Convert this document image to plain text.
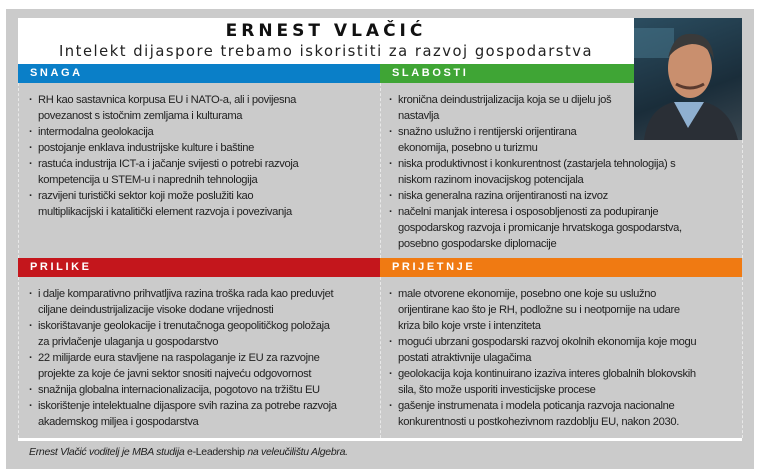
ERNEST VLAČIĆ
Intelekt dijaspore trebamo iskoristiti za razvoj gospodarstva
SNAGA	SLABOSTI
PRILIKE	PRIJETNJE
· RH kao sastavnica korpusa EU i NATO-a, ali i povijesna
povezanost s istočnim zemljama i kulturama
· intermodalna geolokacija
· postojanje enklava industrijske kulture i baštine
· rastuća industrija ICT-a i jačanje svijesti o potrebi razvoja
kompetencija u STEM-u i naprednih tehnologija
· razvijeni turistički sektor koji može poslužiti kao
multiplikacijski i katalitički element razvoja i povezivanja
· kronična deindustrijalizacija koja se u dijelu još
nastavlja
· snažno uslužno i rentijerski orijentirana
ekonomija, posebno u turizmu
· niska produktivnost i konkurentnost (zastarjela tehnologija) s
niskom razinom inovacijskog potencijala
· niska generalna razina orijentiranosti na izvoz
· načelni manjak interesa i osposobljenosti za podupiranje
gospodarskog razvoja i promicanje hrvatskoga gospodarstva,
posebno gospodarske diplomacije
· i dalje komparativno prihvatljiva razina troška rada kao preduvjet
ciljane deindustrijalizacije visoke dodane vrijednosti
· iskorištavanje geolokacije i trenutačnoga geopolitičkog položaja
za privlačenje ulaganja u gospodarstvo
· 22 milijarde eura stavljene na raspolaganje iz EU za razvojne
projekte za koje će javni sektor snositi najveću odgovornost
· snažnija globalna internacionalizacija, pogotovo na tržištu EU
· iskorištenje intelektualne dijaspore svih razina za potrebe razvoja
akademskog miljea i gospodarstva
· male otvorene ekonomije, posebno one koje su uslužno
orijentirane kao što je RH, podložne su i neotpornije na udare
kriza bilo koje vrste i intenziteta
· mogući ubrzani gospodarski razvoj okolnih ekonomija koje mogu
postati atraktivnije ulagačima
· geolokacija koja kontinuirano izaziva interes globalnih blokovskih
sila, što može usporiti investicijske procese
· gašenje instrumenata i modela poticanja razvoja nacionalne
konkurentnosti u postkohezivnom razdoblju EU, nakon 2030.
Ernest Vlačić voditelj je MBA studija e-Leadership na veleučilištu Algebra.
